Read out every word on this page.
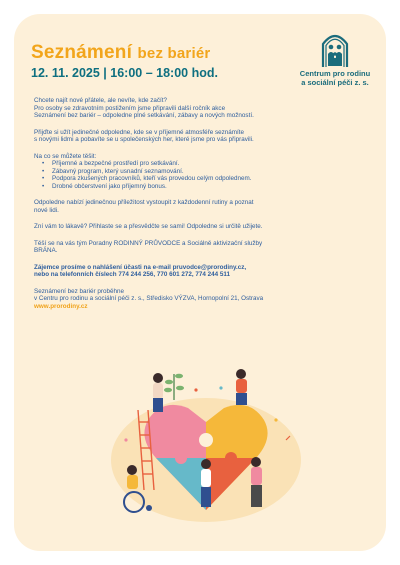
Seznámení bez bariér
12. 11. 2025 | 16:00 – 18:00 hod.	Centrum pro rodinu
a sociální péči z. s.

Chcete najít nové přátele, ale nevíte, kde začít?
Pro osoby se zdravotním postižením jsme připravili další ročník akce
Seznámení bez bariér – odpoledne plné setkávání, zábavy a nových možností.

Přijďte si užít jedinečné odpoledne, kde se v příjemné atmosféře seznámíte
s novými lidmi a pobavíte se u společenských her, které jsme pro vás připravili.

Na co se můžete těšit:

• Příjemné a bezpečné prostředí pro setkávání.
• Zábavný program, který usnadní seznamování.
• Podpora zkušených pracovníků, kteří vás provedou celým odpolednem.
• Drobné občerstvení jako příjemný bonus.

Odpoledne nabízí jedinečnou příležitost vystoupit z každodenní rutiny a poznat
nové lidi.

Zní vám to lákavě? Přihlaste se a přesvědčte se sami! Odpoledne si určitě užijete.

Těší se na vás tým Poradny RODINNÝ PRŮVODCE a Sociálně aktivizační služby
BRÁNA.

Zájemce prosíme o nahlášení účasti na e-mail pruvodce@prorodiny.cz,
nebo na telefonních číslech 774 244 256, 770 601 272, 774 244 511

Seznámení bez bariér proběhne
v Centru pro rodinu a sociální péči z. s., Středisko VÝZVA, Hornopolní 21, Ostrava
www.prorodiny.cz
